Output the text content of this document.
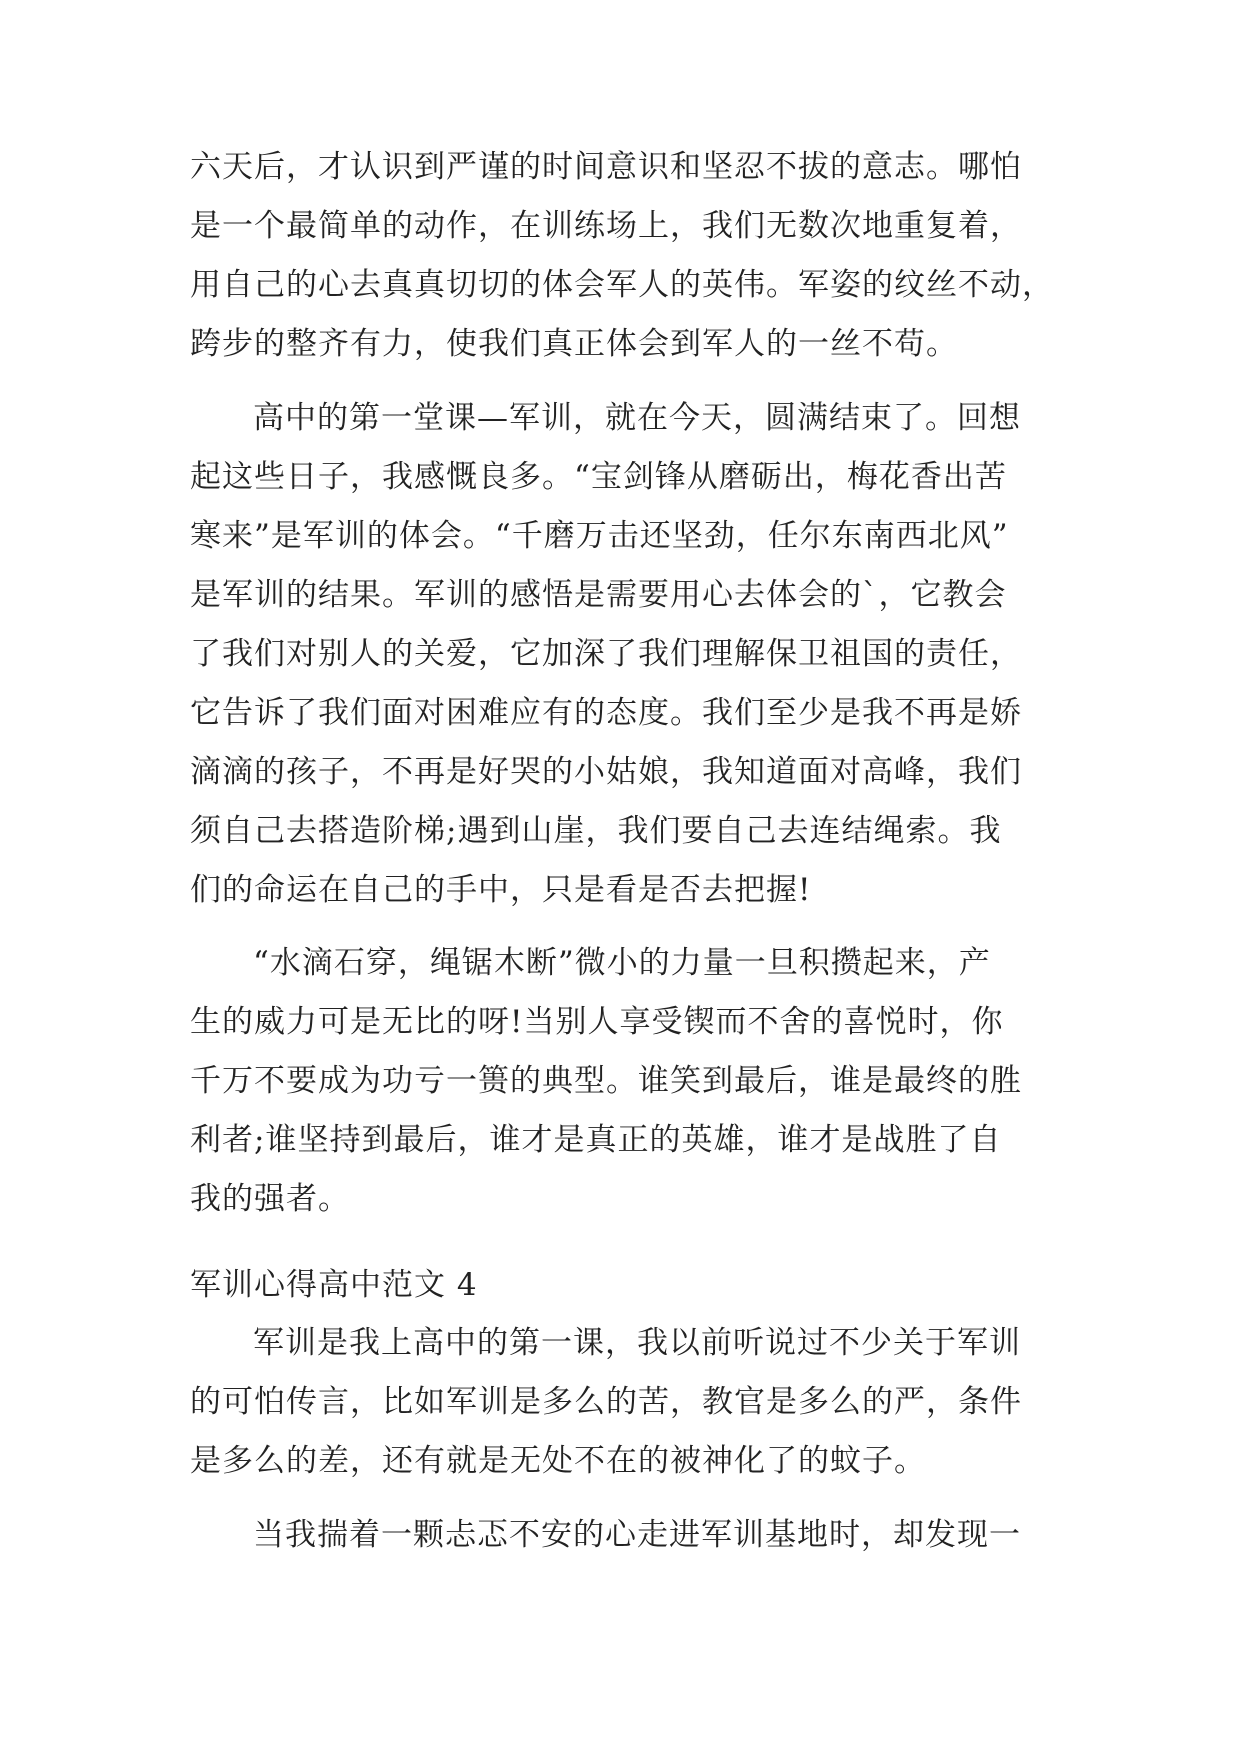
六天后，才认识到严谨的时间意识和坚忍不拔的意志。哪怕
是一个最简单的动作，在训练场上，我们无数次地重复着，
用自己的心去真真切切的体会军人的英伟。军姿的纹丝不动，
跨步的整齐有力，使我们真正体会到军人的一丝不苟。
高中的第一堂课—军训，就在今天，圆满结束了。回想
起这些日子，我感慨良多。“宝剑锋从磨砺出，梅花香出苦
寒来”是军训的体会。“千磨万击还坚劲，任尔东南西北风”
是军训的结果。军训的感悟是需要用心去体会的`，它教会
了我们对别人的关爱，它加深了我们理解保卫祖国的责任，
它告诉了我们面对困难应有的态度。我们至少是我不再是娇
滴滴的孩子，不再是好哭的小姑娘，我知道面对高峰，我们
须自己去搭造阶梯;遇到山崖，我们要自己去连结绳索。我
们的命运在自己的手中，只是看是否去把握!
“水滴石穿，绳锯木断”微小的力量一旦积攒起来，产
生的威力可是无比的呀!当别人享受锲而不舍的喜悦时，你
千万不要成为功亏一篑的典型。谁笑到最后，谁是最终的胜
利者;谁坚持到最后，谁才是真正的英雄，谁才是战胜了自
我的强者。
军训心得高中范文 4
军训是我上高中的第一课，我以前听说过不少关于军训
的可怕传言，比如军训是多么的苦，教官是多么的严，条件
是多么的差，还有就是无处不在的被神化了的蚊子。
当我揣着一颗忐忑不安的心走进军训基地时，却发现一
